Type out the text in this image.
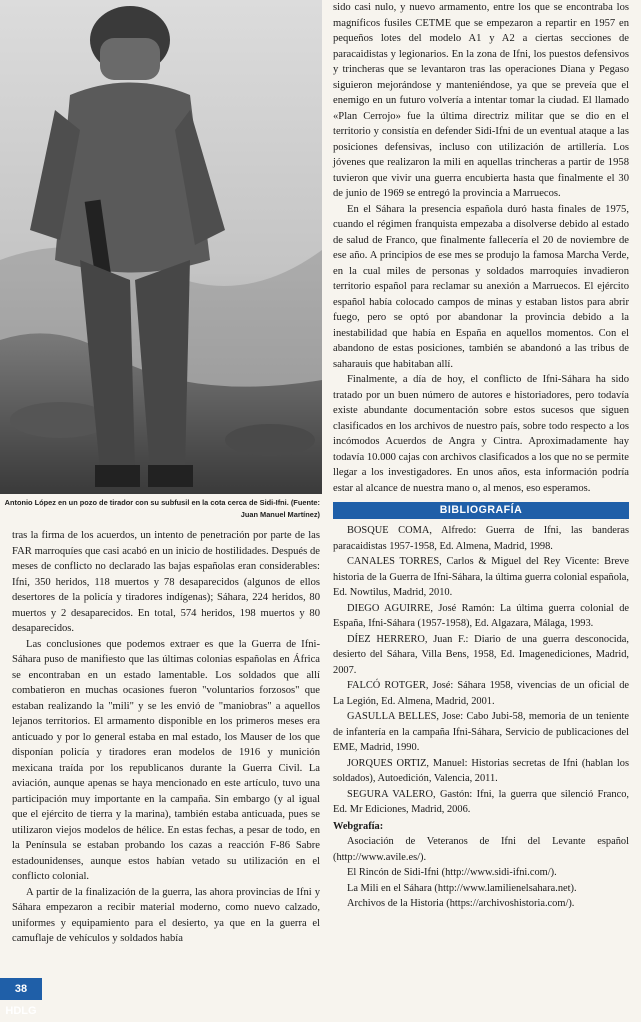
Antonio López en un pozo de tirador con su subfusil en la cota cerca de Sidi-Ifni. (Fuente: Juan Manuel Martínez)

tras la firma de los acuerdos, un intento de penetración por parte de las FAR marroquíes que casi acabó en un inicio de hostilidades. Después de meses de conflicto no declarado las bajas españolas eran considerables: Ifni, 350 heridos, 118 muertos y 78 desaparecidos (algunos de ellos desertores de la policía y tiradores indígenas); Sáhara, 224 heridos, 80 muertos y 2 desaparecidos. En total, 574 heridos, 198 muertos y 80 desaparecidos.

Las conclusiones que podemos extraer es que la Guerra de Ifni-Sáhara puso de manifiesto que las últimas colonias españolas en África se encontraban en un estado lamentable. Los soldados que allí combatieron en muchas ocasiones fueron "voluntarios forzosos" que estaban realizando la "mili" y se les envió de "maniobras" a aquellos lejanos territorios. El armamento disponible en los primeros meses era anticuado y por lo general estaba en mal estado, los Mauser de los que disponían policía y tiradores eran modelos de 1916 y munición mexicana traída por los republicanos durante la Guerra Civil. La aviación, aunque apenas se haya mencionado en este artículo, tuvo una participación muy importante en la campaña. Sin embargo (y al igual que el ejército de tierra y la marina), también estaba anticuada, pues se utilizaron viejos modelos de hélice. En estas fechas, a pesar de todo, en la Península se estaban probando los cazas a reacción F-86 Sabre estadounidenses, aunque estos habían vetado su utilización en el conflicto colonial.

A partir de la finalización de la guerra, las ahora provincias de Ifni y Sáhara empezaron a recibir material moderno, como nuevo calzado, uniformes y equipamiento para el desierto, ya que en la guerra el camuflaje de vehículos y soldados había

sido casi nulo, y nuevo armamento, entre los que se encontraba los magníficos fusiles CETME que se empezaron a repartir en 1957 en pequeños lotes del modelo A1 y A2 a ciertas secciones de paracaidistas y legionarios. En la zona de Ifni, los puestos defensivos y trincheras que se levantaron tras las operaciones Diana y Pegaso siguieron mejorándose y manteniéndose, ya que se preveía que el enemigo en un futuro volvería a intentar tomar la ciudad. El llamado «Plan Cerrojo» fue la última directriz militar que se dio en el territorio y consistía en defender Sidi-Ifni de un eventual ataque a las posiciones defensivas, incluso con utilización de artillería. Los jóvenes que realizaron la mili en aquellas trincheras a partir de 1958 tuvieron que vivir una guerra encubierta hasta que finalmente el 30 de junio de 1969 se entregó la provincia a Marruecos.

En el Sáhara la presencia española duró hasta finales de 1975, cuando el régimen franquista empezaba a disolverse debido al estado de salud de Franco, que finalmente fallecería el 20 de noviembre de ese año. A principios de ese mes se produjo la famosa Marcha Verde, en la cual miles de personas y soldados marroquíes invadieron territorio español para reclamar su anexión a Marruecos. El ejército español había colocado campos de minas y estaban listos para abrir fuego, pero se optó por abandonar la provincia debido a la inestabilidad que había en España en aquellos momentos. Con el abandono de estas posiciones, también se abandonó a las tribus de saharauis que habitaban allí.

Finalmente, a día de hoy, el conflicto de Ifni-Sáhara ha sido tratado por un buen número de autores e historiadores, pero todavía existe abundante documentación sobre estos sucesos que siguen clasificados en los archivos de nuestro país, sobre todo respecto a los incómodos Acuerdos de Angra y Cintra. Aproximadamente hay todavía 10.000 cajas con archivos clasificados a los que no se permite llegar a los investigadores. En unos años, esta información podría estar al alcance de nuestra mano o, al menos, eso esperamos.

BIBLIOGRAFÍA

BOSQUE COMA, Alfredo: Guerra de Ifni, las banderas paracaidistas 1957-1958, Ed. Almena, Madrid, 1998.

CANALES TORRES, Carlos & Miguel del Rey Vicente: Breve historia de la Guerra de Ifni-Sáhara, la última guerra colonial española, Ed. Nowtilus, Madrid, 2010.

DIEGO AGUIRRE, José Ramón: La última guerra colonial de España, Ifni-Sáhara (1957-1958), Ed. Algazara, Málaga, 1993.

DÍEZ HERRERO, Juan F.: Diario de una guerra desconocida, desierto del Sáhara, Villa Bens, 1958, Ed. Imagenediciones, Madrid, 2007.

FALCÓ ROTGER, José: Sáhara 1958, vivencias de un oficial de La Legión, Ed. Almena, Madrid, 2001.

GASULLA BELLES, Jose: Cabo Jubi-58, memoria de un teniente de infantería en la campaña Ifni-Sáhara, Servicio de publicaciones del EME, Madrid, 1990.

JORQUES ORTIZ, Manuel: Historias secretas de Ifni (hablan los soldados), Autoedición, Valencia, 2011.

SEGURA VALERO, Gastón: Ifni, la guerra que silenció Franco, Ed. Mr Ediciones, Madrid, 2006.

Webgrafía:

Asociación de Veteranos de Ifni del Levante español (http://www.avile.es/).

El Rincón de Sidi-Ifni (http://www.sidi-ifni.com/).

La Mili en el Sáhara (http://www.lamilienelsahara.net).

Archivos de la Historia (https://archivoshistoria.com/).

38 HDLG
